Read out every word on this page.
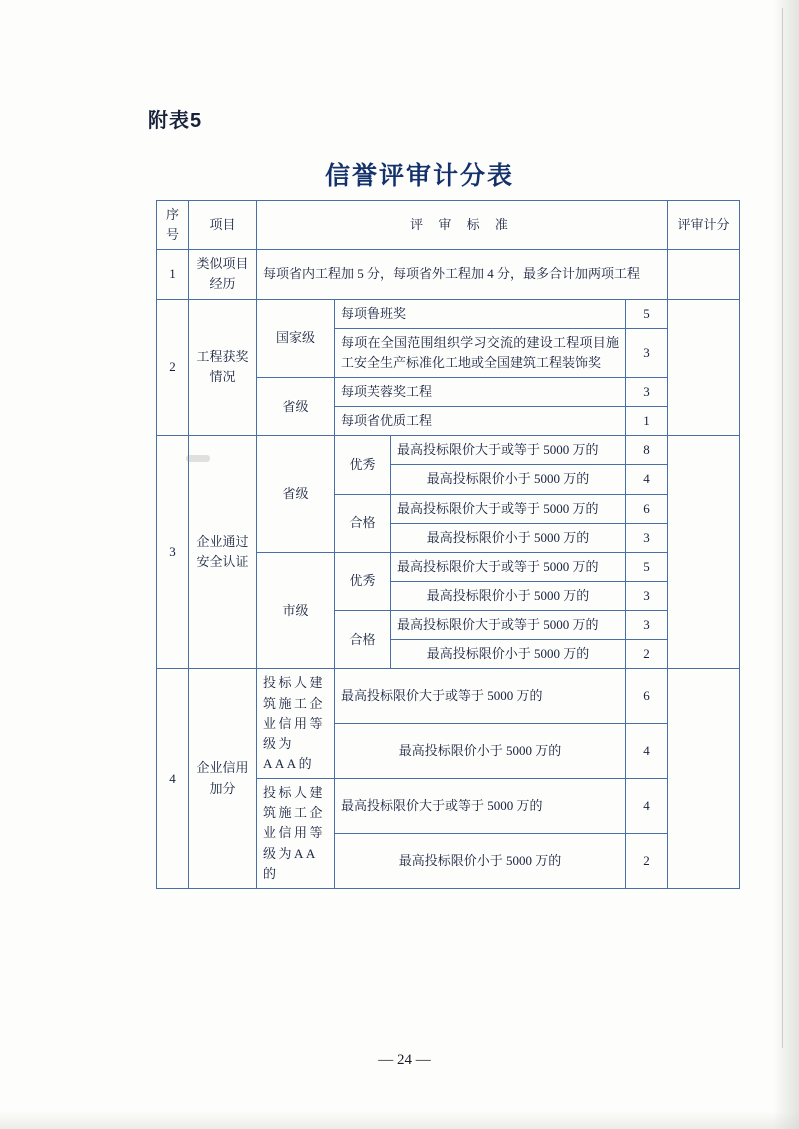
附表5
信誉评审计分表
序号	项目	评 审 标 准				评审计分
1	类似项目经历	每项省内工程加 5 分，每项省外工程加 4 分，最多合计加两项工程				
2	工程获奖情况	国家级	每项鲁班奖		5	
			每项在全国范围组织学习交流的建设工程项目施工安全生产标准化工地或全国建筑工程装饰奖		3	
		省级	每项芙蓉奖工程		3	
			每项省优质工程		1	
3	企业通过安全认证	省级	优秀	最高投标限价大于或等于 5000 万的	8	
				最高投标限价小于 5000 万的	4	
			合格	最高投标限价大于或等于 5000 万的	6	
				最高投标限价小于 5000 万的	3	
		市级	优秀	最高投标限价大于或等于 5000 万的	5	
				最高投标限价小于 5000 万的	3	
			合格	最高投标限价大于或等于 5000 万的	3	
				最高投标限价小于 5000 万的	2	
4	企业信用加分	投标人建筑施工企业信用等级为AAA的	最高投标限价大于或等于 5000 万的		6	
			最高投标限价小于 5000 万的		4	
		投标人建筑施工企业信用等级为AA的	最高投标限价大于或等于 5000 万的		4	
			最高投标限价小于 5000 万的		2	
— 24 —
